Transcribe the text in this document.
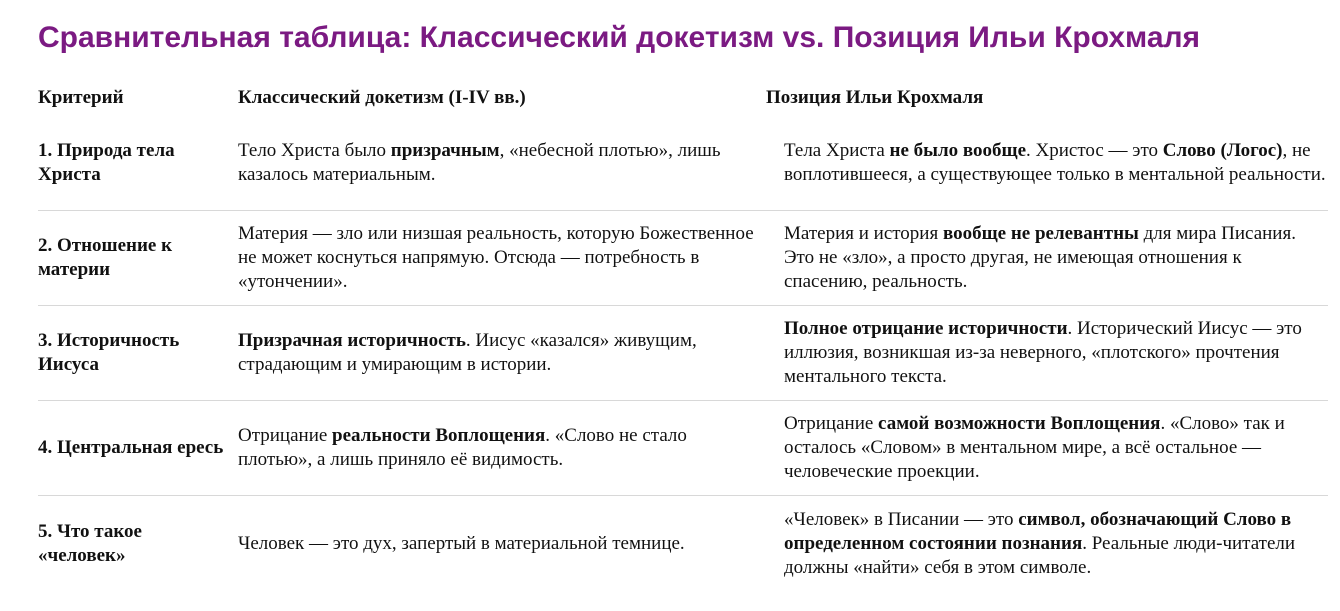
Сравнительная таблица: Классический докетизм vs. Позиция Ильи Крохмаля
Критерий	Классический докетизм (I-IV вв.)	Позиция Ильи Крохмаля
1. Природа тела Христа
Тело Христа было призрачным, «небесной плотью», лишь казалось материальным.
Тела Христа не было вообще. Христос — это Слово (Логос), не воплотившееся, а существующее только в ментальной реальности.
2. Отношение к материи
Материя — зло или низшая реальность, которую Божественное не может коснуться напрямую. Отсюда — потребность в «утончении».
Материя и история вообще не релевантны для мира Писания. Это не «зло», а просто другая, не имеющая отношения к спасению, реальность.
3. Историчность Иисуса
Призрачная историчность. Иисус «казался» живущим, страдающим и умирающим в истории.
Полное отрицание историчности. Исторический Иисус — это иллюзия, возникшая из-за неверного, «плотского» прочтения ментального текста.
4. Центральная ересь
Отрицание реальности Воплощения. «Слово не стало плотью», а лишь приняло её видимость.
Отрицание самой возможности Воплощения. «Слово» так и осталось «Словом» в ментальном мире, а всё остальное — человеческие проекции.
5. Что такое «человек»
Человек — это дух, запертый в материальной темнице.
«Человек» в Писании — это символ, обозначающий Слово в определенном состоянии познания. Реальные люди-читатели должны «найти» себя в этом символе.
